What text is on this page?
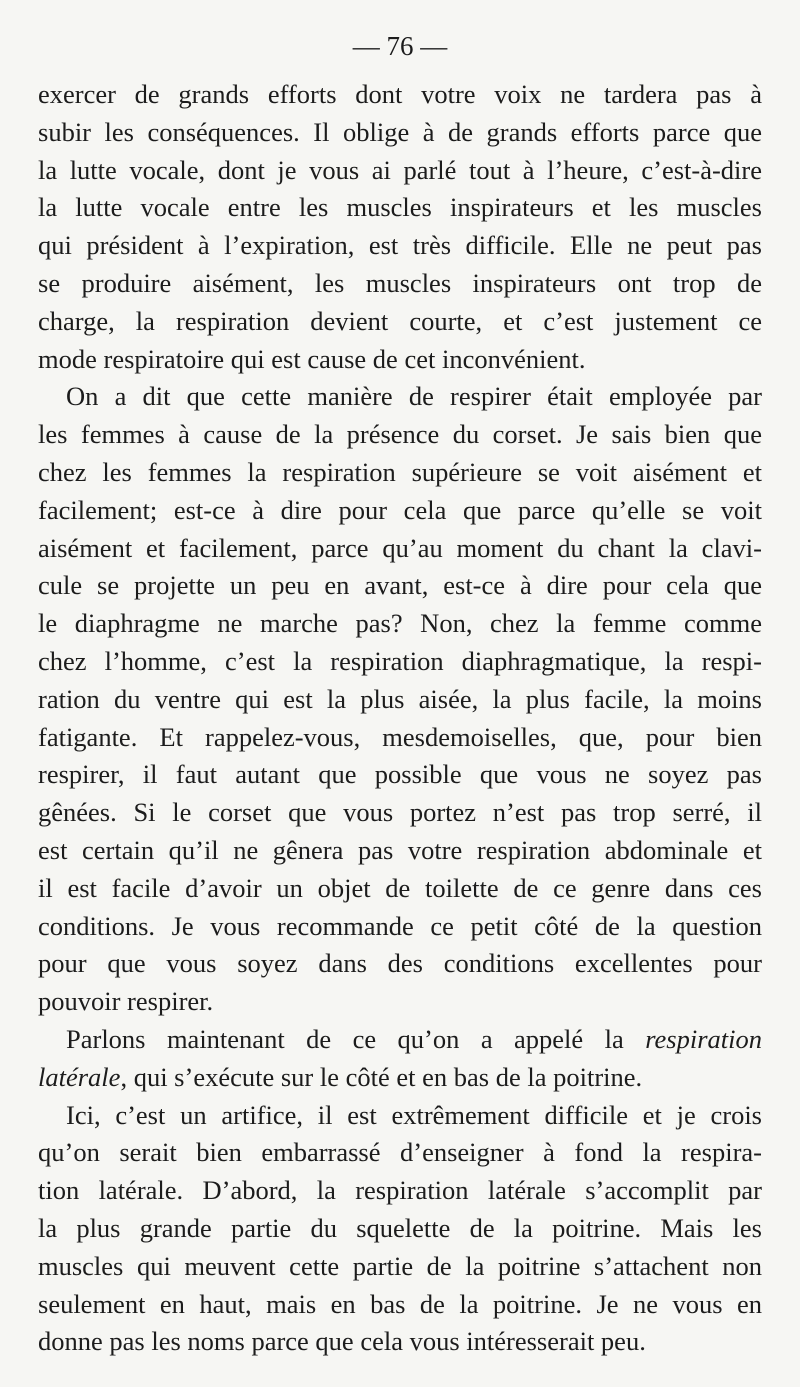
— 76 —
exercer de grands efforts dont votre voix ne tardera pas à
subir les conséquences. Il oblige à de grands efforts parce que
la lutte vocale, dont je vous ai parlé tout à l’heure, c’est-à-dire
la lutte vocale entre les muscles inspirateurs et les muscles
qui président à l’expiration, est très difficile. Elle ne peut pas
se produire aisément, les muscles inspirateurs ont trop de
charge, la respiration devient courte, et c’est justement ce
mode respiratoire qui est cause de cet inconvénient.
On a dit que cette manière de respirer était employée par
les femmes à cause de la présence du corset. Je sais bien que
chez les femmes la respiration supérieure se voit aisément et
facilement; est-ce à dire pour cela que parce qu’elle se voit
aisément et facilement, parce qu’au moment du chant la clavi-
cule se projette un peu en avant, est-ce à dire pour cela que
le diaphragme ne marche pas? Non, chez la femme comme
chez l’homme, c’est la respiration diaphragmatique, la respi-
ration du ventre qui est la plus aisée, la plus facile, la moins
fatigante. Et rappelez-vous, mesdemoiselles, que, pour bien
respirer, il faut autant que possible que vous ne soyez pas
gênées. Si le corset que vous portez n’est pas trop serré, il
est certain qu’il ne gênera pas votre respiration abdominale et
il est facile d’avoir un objet de toilette de ce genre dans ces
conditions. Je vous recommande ce petit côté de la question
pour que vous soyez dans des conditions excellentes pour
pouvoir respirer.
Parlons maintenant de ce qu’on a appelé la respiration
latérale, qui s’exécute sur le côté et en bas de la poitrine.
Ici, c’est un artifice, il est extrêmement difficile et je crois
qu’on serait bien embarrassé d’enseigner à fond la respira-
tion latérale. D’abord, la respiration latérale s’accomplit par
la plus grande partie du squelette de la poitrine. Mais les
muscles qui meuvent cette partie de la poitrine s’attachent non
seulement en haut, mais en bas de la poitrine. Je ne vous en
donne pas les noms parce que cela vous intéresserait peu.
